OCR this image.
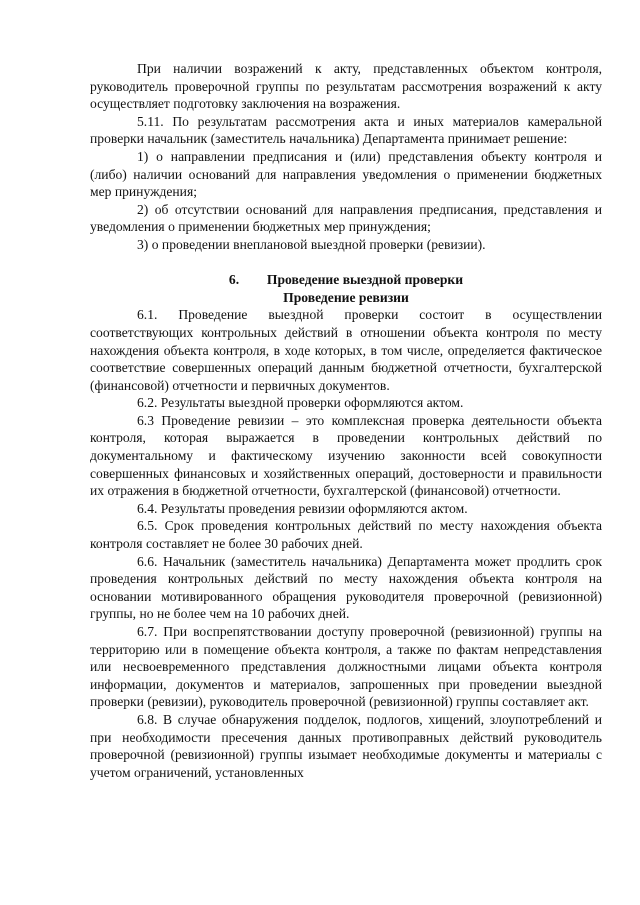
При наличии возражений к акту, представленных объектом контроля, руководитель проверочной группы по результатам рассмотрения возражений к акту осуществляет подготовку заключения на возражения.

5.11. По результатам рассмотрения акта и иных материалов камеральной проверки начальник (заместитель начальника) Департамента принимает решение:

1) о направлении предписания и (или) представления объекту контроля и (либо) наличии оснований для направления уведомления о применении бюджетных мер принуждения;

2) об отсутствии оснований для направления предписания, представления и уведомления о применении бюджетных мер принуждения;

3) о проведении внеплановой выездной проверки (ревизии).

6. Проведение выездной проверки

Проведение ревизии

6.1. Проведение выездной проверки состоит в осуществлении соответствующих контрольных действий в отношении объекта контроля по месту нахождения объекта контроля, в ходе которых, в том числе, определяется фактическое соответствие совершенных операций данным бюджетной отчетности, бухгалтерской (финансовой) отчетности и первичных документов.

6.2. Результаты выездной проверки оформляются актом.

6.3 Проведение ревизии – это комплексная проверка деятельности объекта контроля, которая выражается в проведении контрольных действий по документальному и фактическому изучению законности всей совокупности совершенных финансовых и хозяйственных операций, достоверности и правильности их отражения в бюджетной отчетности, бухгалтерской (финансовой) отчетности.

6.4. Результаты проведения ревизии оформляются актом.

6.5. Срок проведения контрольных действий по месту нахождения объекта контроля составляет не более 30 рабочих дней.

6.6. Начальник (заместитель начальника) Департамента может продлить срок проведения контрольных действий по месту нахождения объекта контроля на основании мотивированного обращения руководителя проверочной (ревизионной) группы, но не более чем на 10 рабочих дней.

6.7. При воспрепятствовании доступу проверочной (ревизионной) группы на территорию или в помещение объекта контроля, а также по фактам непредставления или несвоевременного представления должностными лицами объекта контроля информации, документов и материалов, запрошенных при проведении выездной проверки (ревизии), руководитель проверочной (ревизионной) группы составляет акт.

6.8. В случае обнаружения подделок, подлогов, хищений, злоупотреблений и при необходимости пресечения данных противоправных действий руководитель проверочной (ревизионной) группы изымает необходимые документы и материалы с учетом ограничений, установленных
